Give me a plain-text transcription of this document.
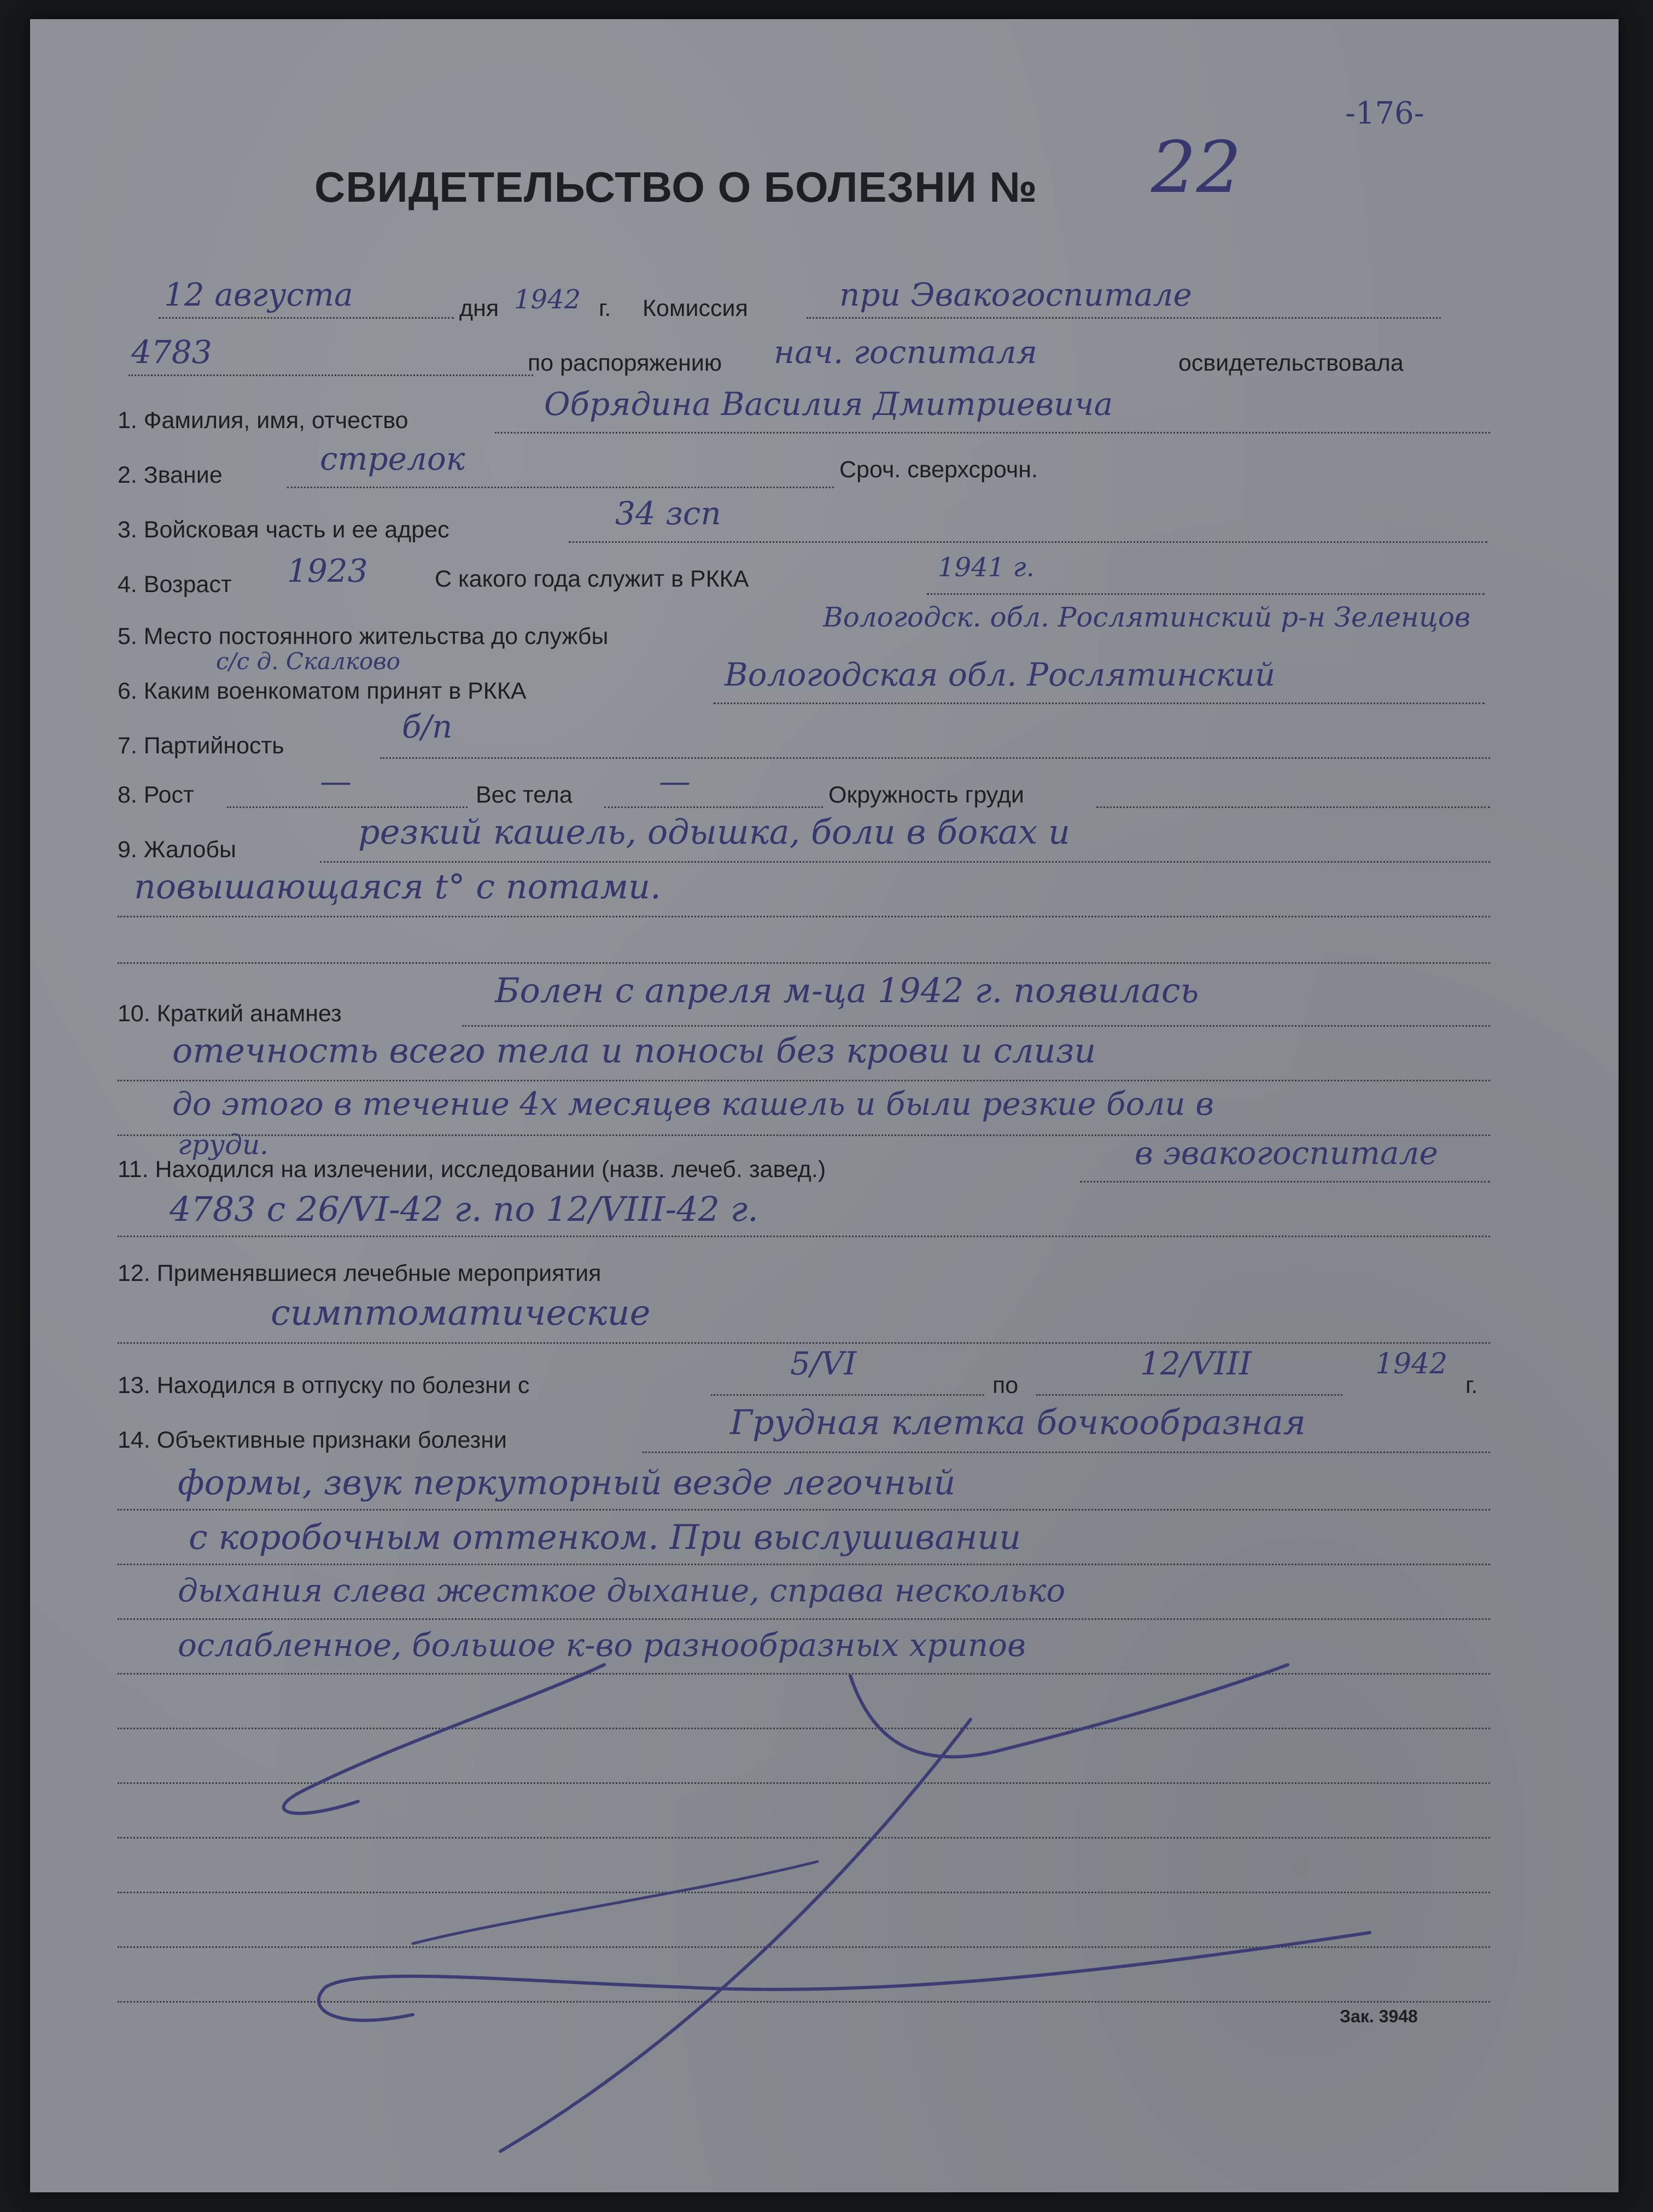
-176-
СВИДЕТЕЛЬСТВО О БОЛЕЗНИ № 22
12 августа	дня 1942 г. Комиссия	при Эвакогоспитале
4783	по распоряжению нач. госпиталя	освидетельствовала
1. Фамилия, имя, отчество	Обрядина Василия Дмитриевича
2. Звание	стрелок	Сроч. сверхсрочн.
3. Войсковая часть и ее адрес	34 зсп
4. Возраст 1923	С какого года служит в РККА	1941 г.
5. Место постоянного жительства до службы
Вологодск. обл. Рослятинский р-н Зеленцов
с/с д. Скалково
6. Каким военкоматом принят в РККА	Вологодская обл. Рослятинский
7. Партийность
б/п
8. Рост	—	Вес тела	—	Окружность груди
9. Жалобы	резкий кашель, одышка, боли в боках и
повышающаяся t° с потами.
10. Краткий анамнез
Болен с апреля м-ца 1942 г. появилась
отечность всего тела и поносы без крови и слизи
до этого в течение 4х месяцев кашель и были резкие боли в
груди.
11. Находился на излечении, исследовании (назв. лечеб. завед.)	в эвакогоспитале
4783 с 26/VI-42 г. по 12/VIII-42 г.
12. Применявшиеся лечебные мероприятия
симптоматические
13. Находился в отпуску по болезни с
5/VI
по
12/VIII	1942
г.
14. Объективные признаки болезни	Грудная клетка бочкообразная
формы, звук перкуторный везде легочный
с коробочным оттенком. При выслушивании
дыхания слева жесткое дыхание, справа несколько
ослабленное, большое к-во разнообразных хрипов
Зак. 3948
